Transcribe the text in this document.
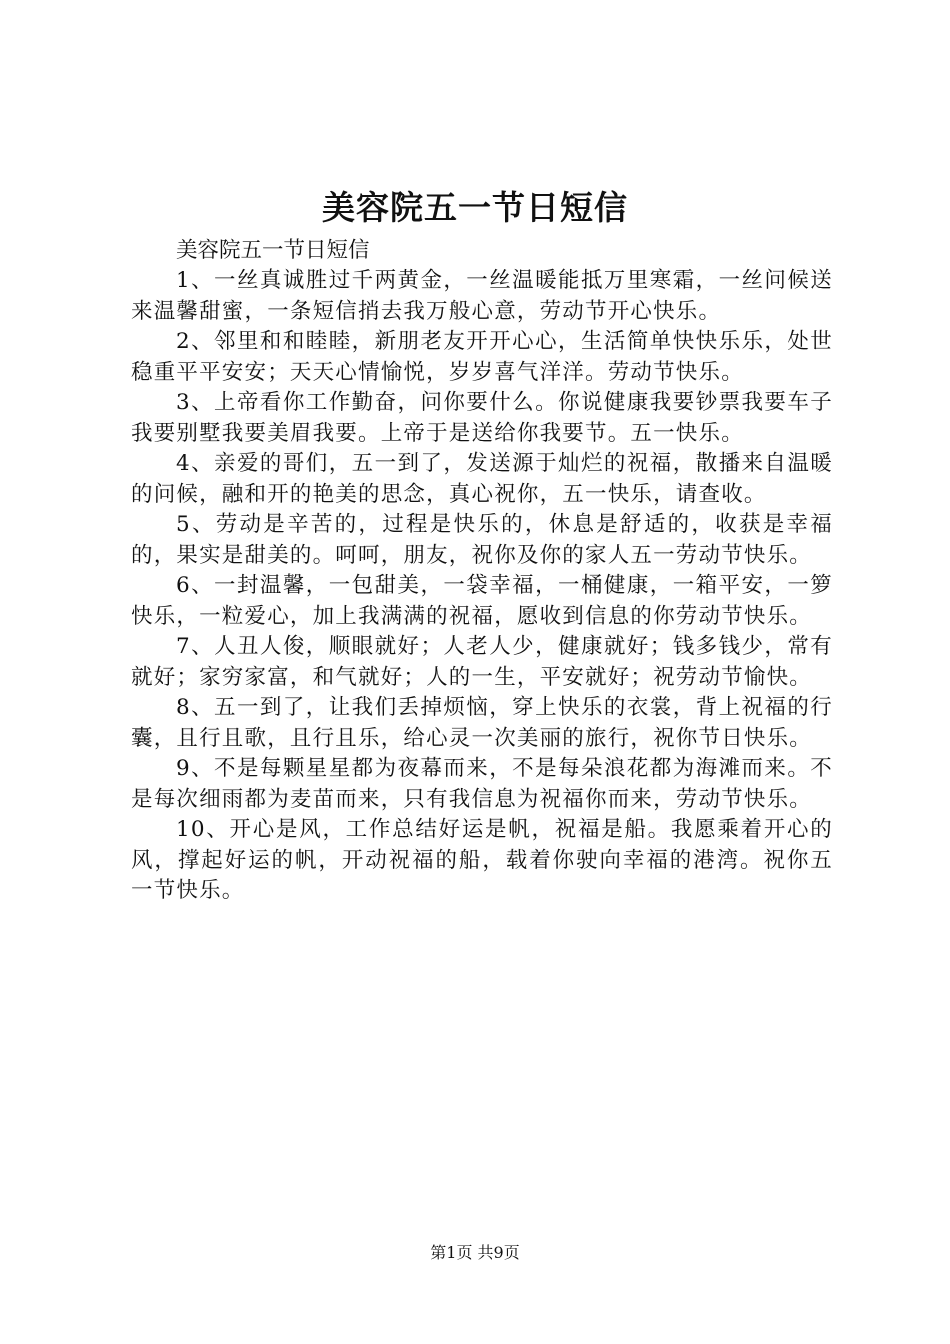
美容院五一节日短信

美容院五一节日短信

1、一丝真诚胜过千两黄金，一丝温暖能抵万里寒霜，一丝问候送来温馨甜蜜，一条短信捎去我万般心意，劳动节开心快乐。

2、邻里和和睦睦，新朋老友开开心心，生活简单快快乐乐，处世稳重平平安安；天天心情愉悦，岁岁喜气洋洋。劳动节快乐。

3、上帝看你工作勤奋，问你要什么。你说健康我要钞票我要车子我要别墅我要美眉我要。上帝于是送给你我要节。五一快乐。

4、亲爱的哥们，五一到了，发送源于灿烂的祝福，散播来自温暖的问候，融和开的艳美的思念，真心祝你，五一快乐，请查收。

5、劳动是辛苦的，过程是快乐的，休息是舒适的，收获是幸福的，果实是甜美的。呵呵，朋友，祝你及你的家人五一劳动节快乐。

6、一封温馨，一包甜美，一袋幸福，一桶健康，一箱平安，一箩快乐，一粒爱心，加上我满满的祝福，愿收到信息的你劳动节快乐。

7、人丑人俊，顺眼就好；人老人少，健康就好；钱多钱少，常有就好；家穷家富，和气就好；人的一生，平安就好；祝劳动节愉快。

8、五一到了，让我们丢掉烦恼，穿上快乐的衣裳，背上祝福的行囊，且行且歌，且行且乐，给心灵一次美丽的旅行，祝你节日快乐。

9、不是每颗星星都为夜幕而来，不是每朵浪花都为海滩而来。不是每次细雨都为麦苗而来，只有我信息为祝福你而来，劳动节快乐。

10、开心是风，工作总结好运是帆，祝福是船。我愿乘着开心的风，撑起好运的帆，开动祝福的船，载着你驶向幸福的港湾。祝你五一节快乐。

第1页 共9页
